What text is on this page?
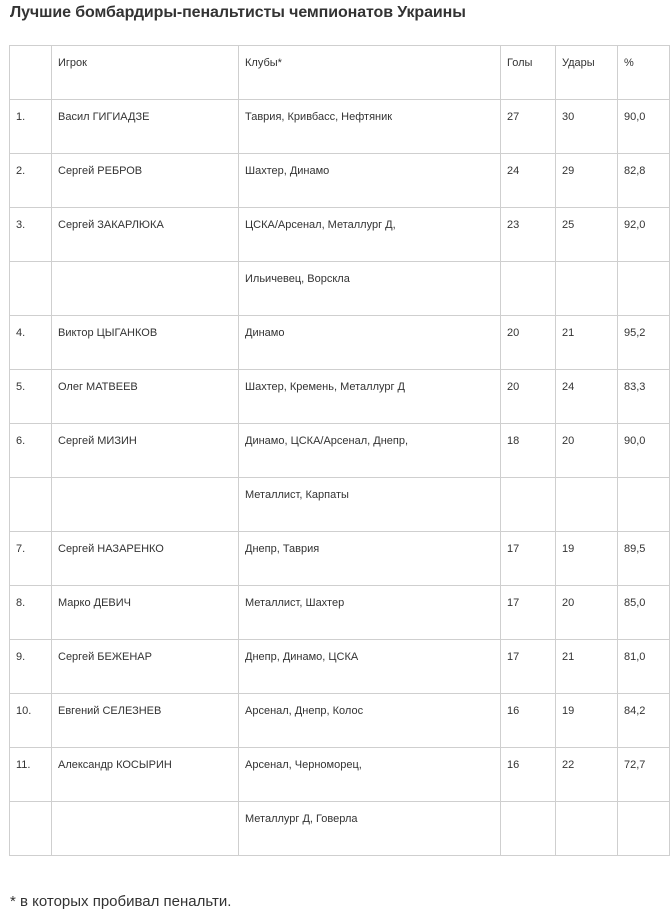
Лучшие бомбардиры-пенальтисты чемпионатов Украины
	Игрок	Клубы*	Голы	Удары	%
1.	Васил ГИГИАДЗЕ	Таврия, Кривбасс, Нефтяник	27	30	90,0
2.	Сергей РЕБРОВ	Шахтер, Динамо	24	29	82,8
3.	Сергей ЗАКАРЛЮКА	ЦСКА/Арсенал, Металлург Д,	23	25	92,0
		Ильичевец, Ворскла			
4.	Виктор ЦЫГАНКОВ	Динамо	20	21	95,2
5.	Олег МАТВЕЕВ	Шахтер, Кремень, Металлург Д	20	24	83,3
6.	Сергей МИЗИН	Динамо, ЦСКА/Арсенал, Днепр,	18	20	90,0
		Металлист, Карпаты			
7.	Сергей НАЗАРЕНКО	Днепр, Таврия	17	19	89,5
8.	Марко ДЕВИЧ	Металлист, Шахтер	17	20	85,0
9.	Сергей БЕЖЕНАР	Днепр, Динамо, ЦСКА	17	21	81,0
10.	Евгений СЕЛЕЗНЕВ	Арсенал, Днепр, Колос	16	19	84,2
11.	Александр КОСЫРИН	Арсенал, Черноморец,	16	22	72,7
		Металлург Д, Говерла			
* в которых пробивал пенальти.
